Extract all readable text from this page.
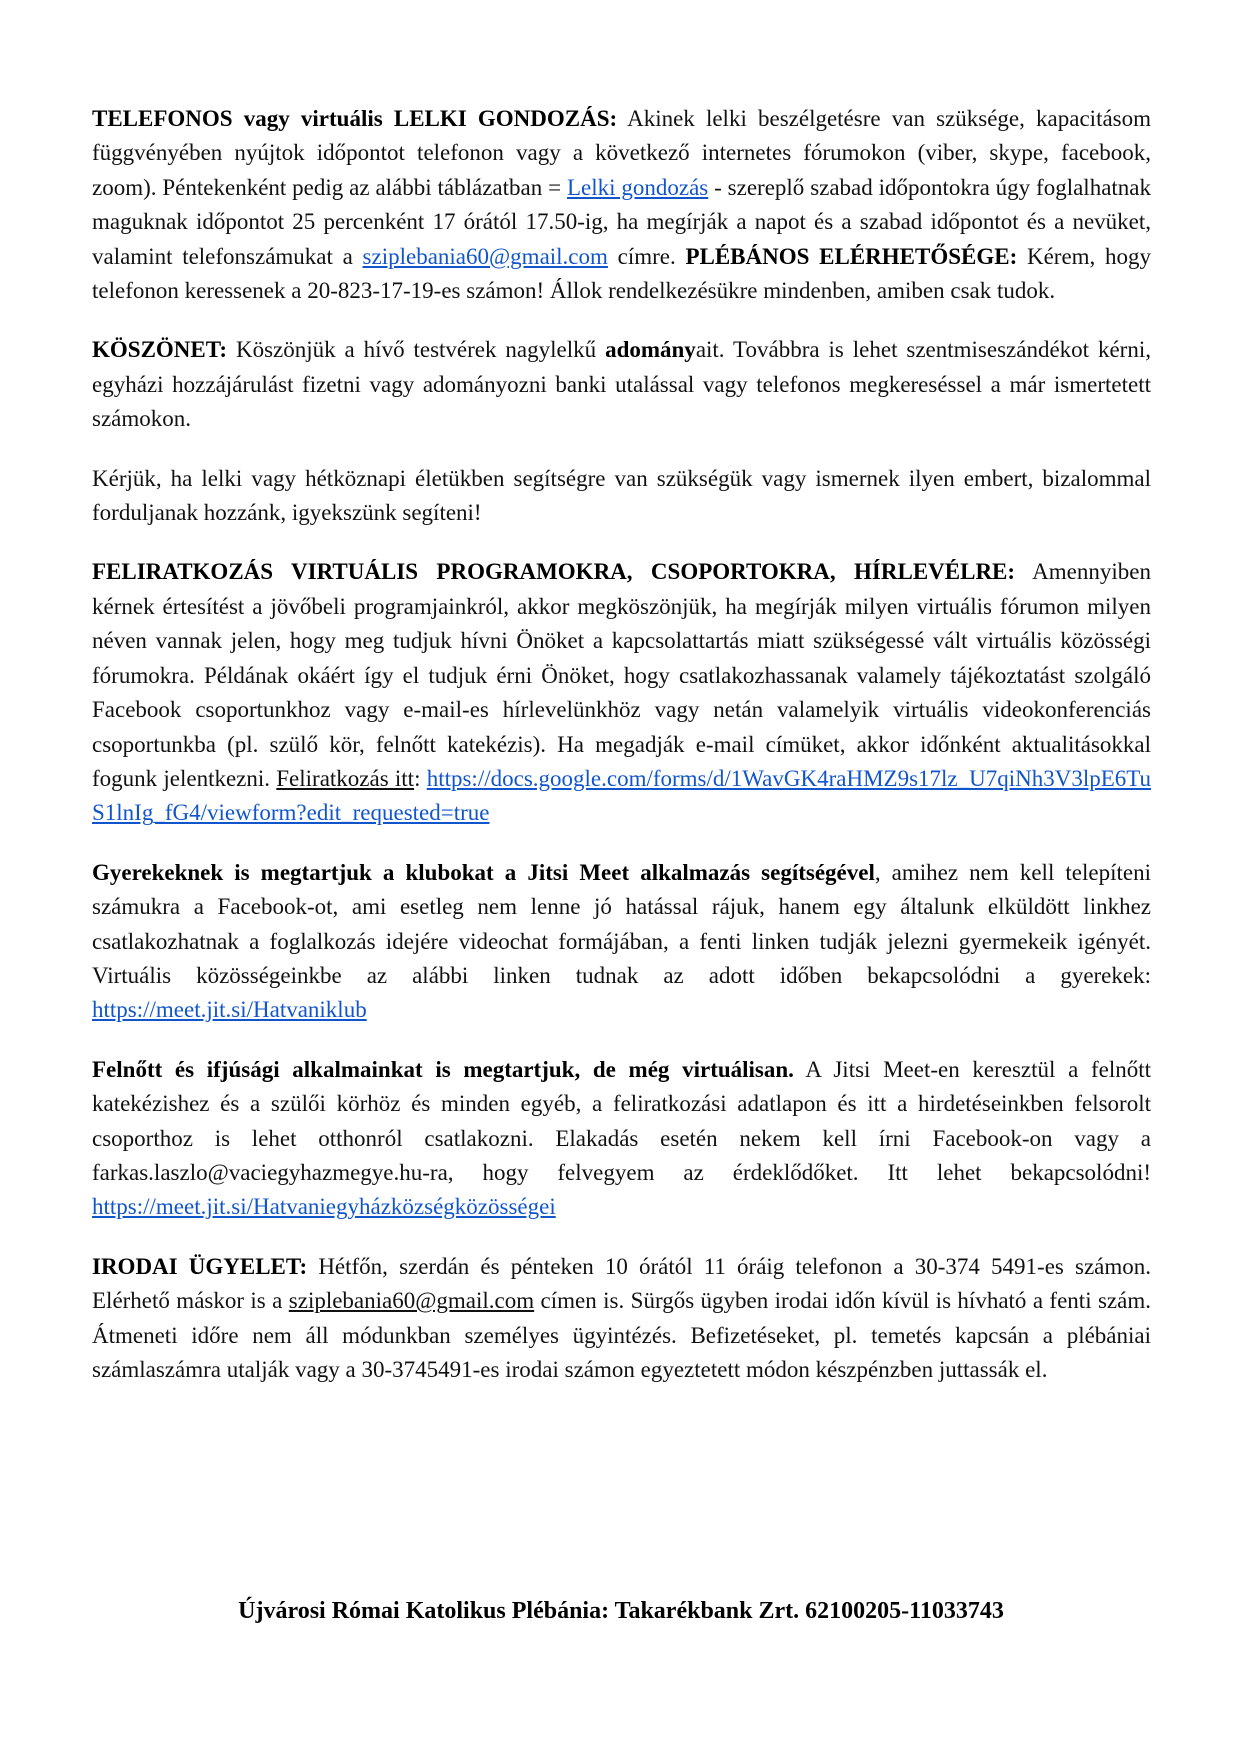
TELEFONOS vagy virtuális LELKI GONDOZÁS: Akinek lelki beszélgetésre van szüksége, kapacitásom függvényében nyújtok időpontot telefonon vagy a következő internetes fórumokon (viber, skype, facebook, zoom). Péntekenként pedig az alábbi táblázatban = Lelki gondozás - szereplő szabad időpontokra úgy foglalhatnak maguknak időpontot 25 percenként 17 órától 17.50-ig, ha megírják a napot és a szabad időpontot és a nevüket, valamint telefonszámukat a sziplebania60@gmail.com címre. PLÉBÁNOS ELÉRHETŐSÉGE: Kérem, hogy telefonon keressenek a 20-823-17-19-es számon! Állok rendelkezésükre mindenben, amiben csak tudok.

KÖSZÖNET: Köszönjük a hívő testvérek nagylelkű adományait. Továbbra is lehet szentmiseszándékot kérni, egyházi hozzájárulást fizetni vagy adományozni banki utalással vagy telefonos megkereséssel a már ismertetett számokon.

Kérjük, ha lelki vagy hétköznapi életükben segítségre van szükségük vagy ismernek ilyen embert, bizalommal forduljanak hozzánk, igyekszünk segíteni!

FELIRATKOZÁS VIRTUÁLIS PROGRAMOKRA, CSOPORTOKRA, HÍRLEVÉLRE: Amennyiben kérnek értesítést a jövőbeli programjainkról, akkor megköszönjük, ha megírják milyen virtuális fórumon milyen néven vannak jelen, hogy meg tudjuk hívni Önöket a kapcsolattartás miatt szükségessé vált virtuális közösségi fórumokra. Példának okáért így el tudjuk érni Önöket, hogy csatlakozhassanak valamely tájékoztatást szolgáló Facebook csoportunkhoz vagy e-mail-es hírlevelünkhöz vagy netán valamelyik virtuális videokonferenciás csoportunkba (pl. szülő kör, felnőtt katekézis). Ha megadják e-mail címüket, akkor időnként aktualitásokkal fogunk jelentkezni. Feliratkozás itt: https://docs.google.com/forms/d/1WavGK4raHMZ9s17lz_U7qiNh3V3lpE6TuS1lnIg_fG4/viewform?edit_requested=true

Gyerekeknek is megtartjuk a klubokat a Jitsi Meet alkalmazás segítségével, amihez nem kell telepíteni számukra a Facebook-ot, ami esetleg nem lenne jó hatással rájuk, hanem egy általunk elküldött linkhez csatlakozhatnak a foglalkozás idejére videochat formájában, a fenti linken tudják jelezni gyermekeik igényét. Virtuális közösségeinkbe az alábbi linken tudnak az adott időben bekapcsolódni a gyerekek: https://meet.jit.si/Hatvaniklub

Felnőtt és ifjúsági alkalmainkat is megtartjuk, de még virtuálisan. A Jitsi Meet-en keresztül a felnőtt katekézishez és a szülői körhöz és minden egyéb, a feliratkozási adatlapon és itt a hirdetéseinkben felsorolt csoporthoz is lehet otthonról csatlakozni. Elakadás esetén nekem kell írni Facebook-on vagy a farkas.laszlo@vaciegyhazmegye.hu-ra, hogy felvegyem az érdeklődőket. Itt lehet bekapcsolódni! https://meet.jit.si/Hatvaniegyházközségközösségei

IRODAI ÜGYELET: Hétfőn, szerdán és pénteken 10 órától 11 óráig telefonon a 30-374 5491-es számon. Elérhető máskor is a sziplebania60@gmail.com címen is. Sürgős ügyben irodai időn kívül is hívható a fenti szám. Átmeneti időre nem áll módunkban személyes ügyintézés. Befizetéseket, pl. temetés kapcsán a plébániai számlaszámra utalják vagy a 30-3745491-es irodai számon egyeztetett módon készpénzben juttassák el.

Újvárosi Római Katolikus Plébánia: Takarékbank Zrt. 62100205-11033743
